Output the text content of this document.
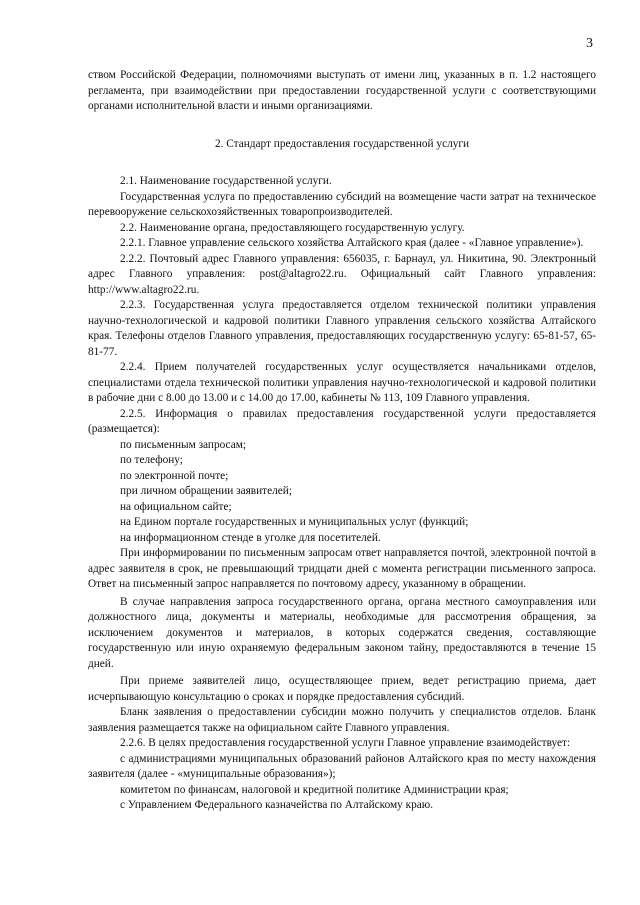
3

ством Российской Федерации, полномочиями выступать от имени лиц, указанных в п. 1.2 настоящего регламента, при взаимодействии при предоставлении государственной услуги с соответствующими органами исполнительной власти и иными организациями.

2. Стандарт предоставления государственной услуги

2.1. Наименование государственной услуги.

Государственная услуга по предоставлению субсидий на возмещение части затрат на техническое перевооружение сельскохозяйственных товаропроизводителей.

2.2. Наименование органа, предоставляющего государственную услугу.

2.2.1. Главное управление сельского хозяйства Алтайского края (далее - «Главное управление»).

2.2.2. Почтовый адрес Главного управления: 656035, г. Барнаул, ул. Никитина, 90. Электронный адрес Главного управления: post@altagro22.ru. Официальный сайт Главного управления: http://www.altagro22.ru.

2.2.3. Государственная услуга предоставляется отделом технической политики управления научно-технологической и кадровой политики Главного управления сельского хозяйства Алтайского края. Телефоны отделов Главного управления, предоставляющих государственную услугу: 65-81-57, 65-81-77.

2.2.4. Прием получателей государственных услуг осуществляется начальниками отделов, специалистами отдела технической политики управления научно-технологической и кадровой политики в рабочие дни с 8.00 до 13.00 и с 14.00 до 17.00, кабинеты № 113, 109 Главного управления.

2.2.5. Информация о правилах предоставления государственной услуги предоставляется (размещается):

по письменным запросам;

по телефону;

по электронной почте;

при личном обращении заявителей;

на официальном сайте;

на Едином портале государственных и муниципальных услуг (функций;

на информационном стенде в уголке для посетителей.

При информировании по письменным запросам ответ направляется почтой, электронной почтой в адрес заявителя в срок, не превышающий тридцати дней с момента регистрации письменного запроса. Ответ на письменный запрос направляется по почтовому адресу, указанному в обращении.

В случае направления запроса государственного органа, органа местного самоуправления или должностного лица, документы и материалы, необходимые для рассмотрения обращения, за исключением документов и материалов, в которых содержатся сведения, составляющие государственную или иную охраняемую федеральным законом тайну, предоставляются в течение 15 дней.

При приеме заявителей лицо, осуществляющее прием, ведет регистрацию приема, дает исчерпывающую консультацию о сроках и порядке предоставления субсидий.

Бланк заявления о предоставлении субсидии можно получить у специалистов отделов. Бланк заявления размещается также на официальном сайте Главного управления.

2.2.6. В целях предоставления государственной услуги Главное управление взаимодействует:

с администрациями муниципальных образований районов Алтайского края по месту нахождения заявителя (далее - «муниципальные образования»);

комитетом по финансам, налоговой и кредитной политике Администрации края;

с Управлением Федерального казначейства по Алтайскому краю.
